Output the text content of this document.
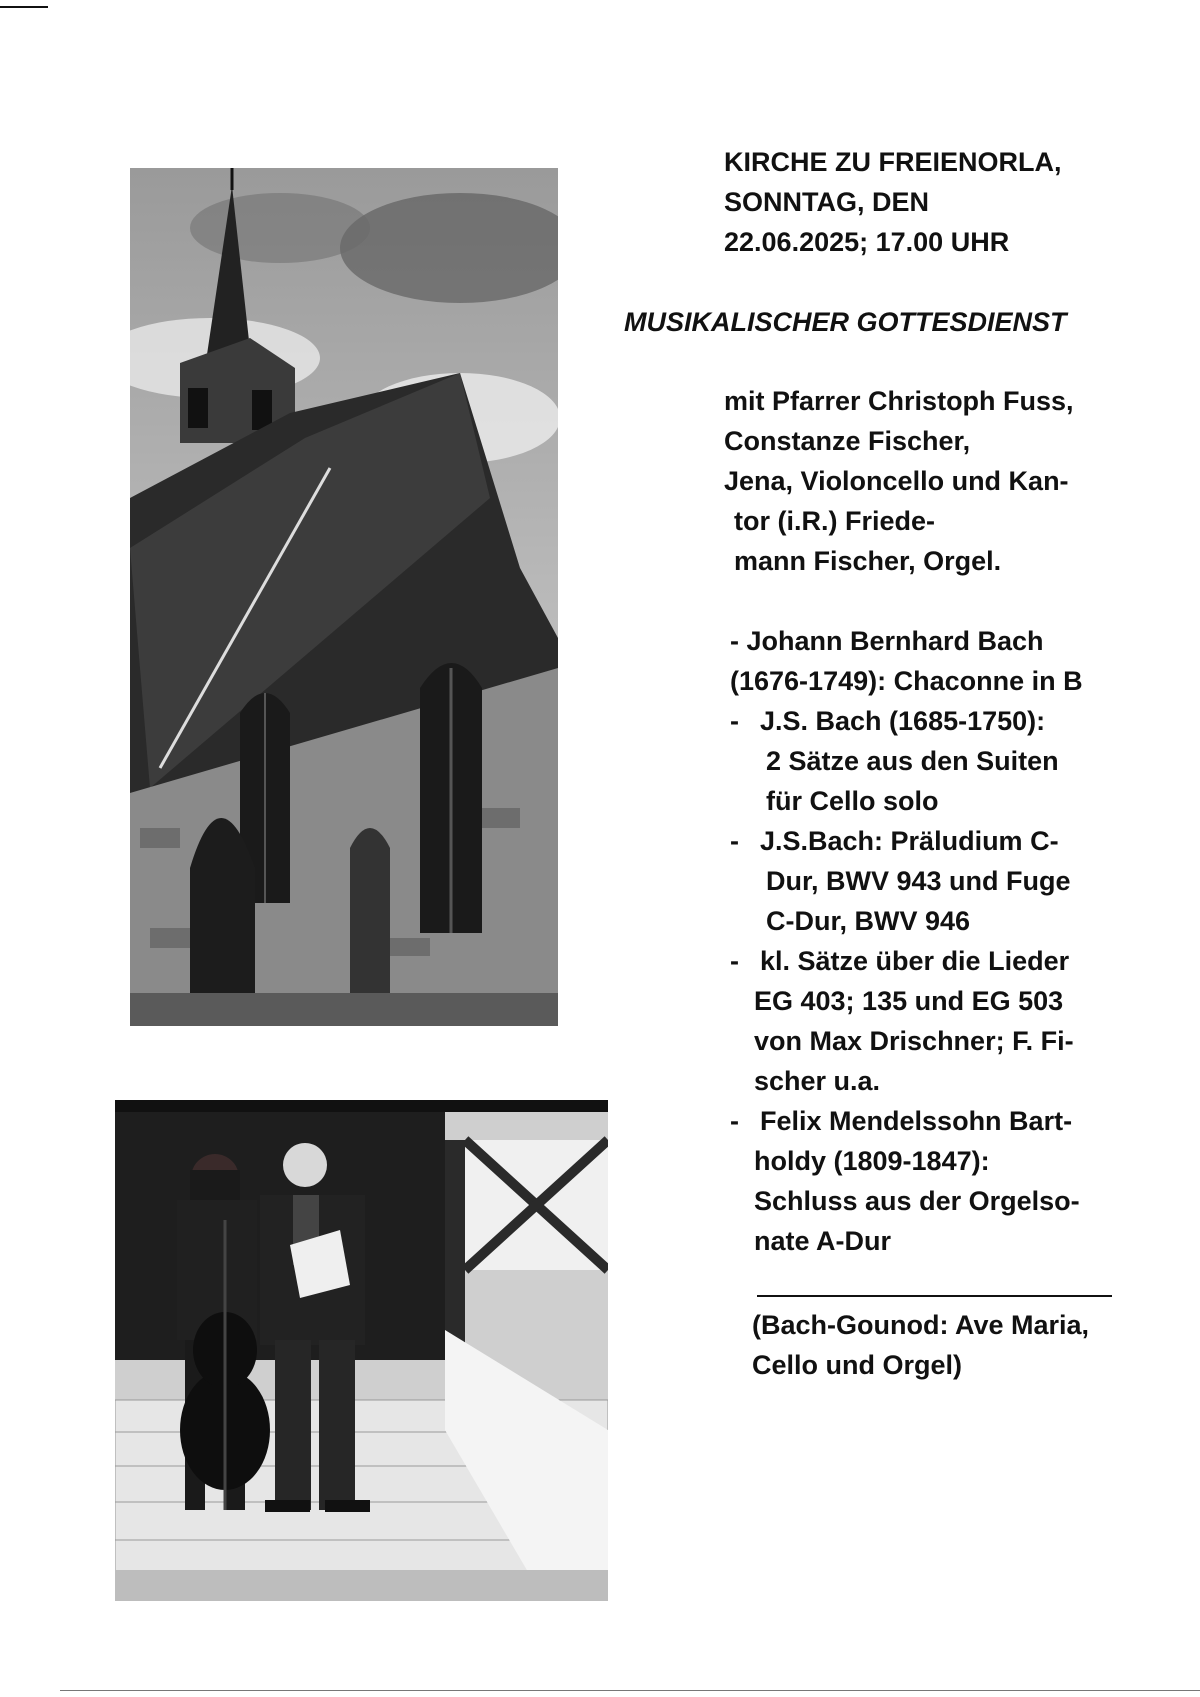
KIRCHE ZU FREIENORLA,
SONNTAG, DEN
22.06.2025; 17.00 UHR
MUSIKALISCHER GOTTESDIENST
mit Pfarrer Christoph Fuss,
Constanze Fischer,
Jena, Violoncello und Kan-
tor (i.R.) Friede-
mann Fischer, Orgel.
- Johann Bernhard Bach
(1676-1749): Chaconne in B
- J.S. Bach (1685-1750):
2 Sätze aus den Suiten
für Cello solo
- J.S.Bach: Präludium C-
Dur, BWV 943 und Fuge
C-Dur, BWV 946
- kl. Sätze über die Lieder
EG 403; 135 und EG 503
von Max Drischner; F. Fi-
scher u.a.
- Felix Mendelssohn Bart-
holdy (1809-1847):
Schluss aus der Orgelso-
nate A-Dur
(Bach-Gounod: Ave Maria,
Cello und Orgel)
